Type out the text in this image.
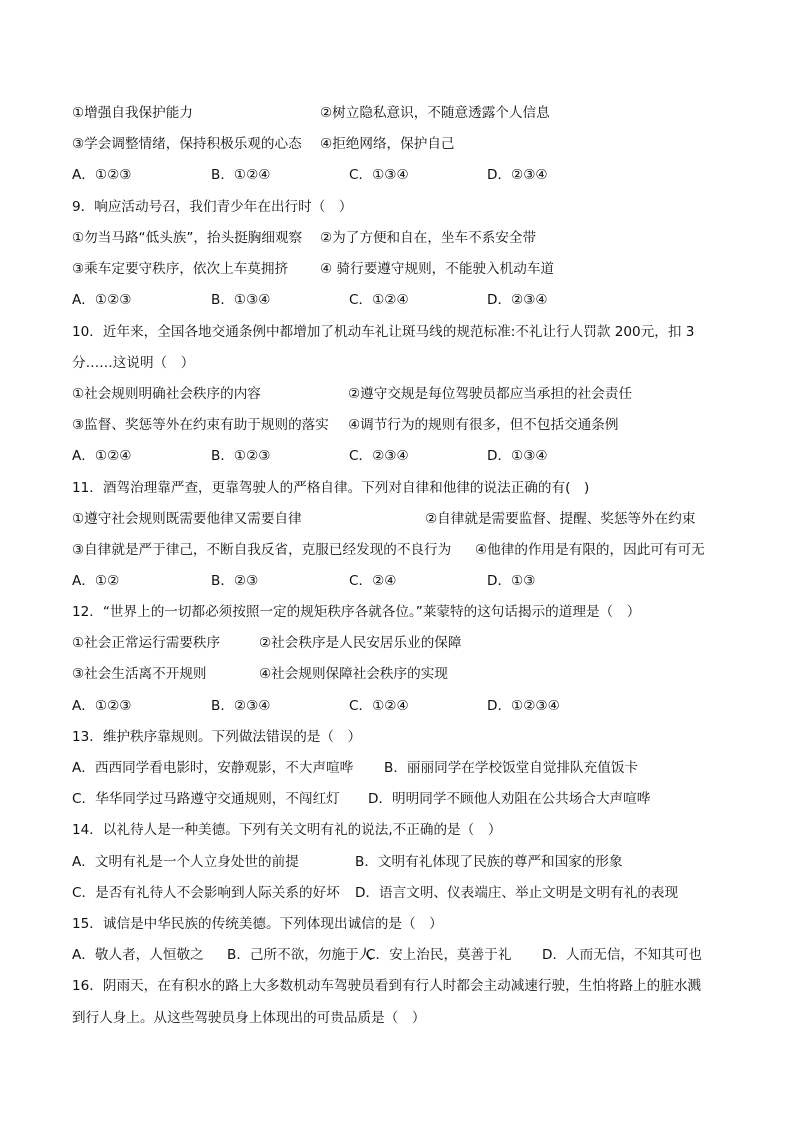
①增强自我保护能力	②树立隐私意识，不随意透露个人信息
③学会调整情绪，保持积极乐观的心态 ④拒绝网络，保护自己
A．①②③	B．①②④	C．①③④	D．②③④
9．响应活动号召，我们青少年在出行时（　）
①勿当马路“低头族”，抬头挺胸细观察 ②为了方便和自在，坐车不系安全带
③乘车定要守秩序，依次上车莫拥挤 ④ 骑行要遵守规则，不能驶入机动车道
A．①②③	B．①③④	C．①②④	D．②③④
10．近年来，全国各地交通条例中都增加了机动车礼让斑马线的规范标准:不礼让行人罚款 200元，扣 3
分……这说明（　）
①社会规则明确社会秩序的内容	②遵守交规是每位驾驶员都应当承担的社会责任
③监督、奖惩等外在约束有助于规则的落实 ④调节行为的规则有很多，但不包括交通条例
A．①②④	B．①②③	C．②③④	D．①③④
11．酒驾治理靠严查，更靠驾驶人的严格自律。下列对自律和他律的说法正确的有(　)
①遵守社会规则既需要他律又需要自律	②自律就是需要监督、提醒、奖惩等外在约束
③自律就是严于律己，不断自我反省，克服已经发现的不良行为 ④他律的作用是有限的，因此可有可无
A．①②	B．②③	C．②④	D．①③
12．“世界上的一切都必须按照一定的规矩秩序各就各位。”莱蒙特的这句话揭示的道理是（　）
①社会正常运行需要秩序	②社会秩序是人民安居乐业的保障
③社会生活离不开规则	④社会规则保障社会秩序的实现
A．①②③	B．②③④	C．①②④	D．①②③④
13．维护秩序靠规则。下列做法错误的是（　）
A．西西同学看电影时，安静观影，不大声喧哗 B．丽丽同学在学校饭堂自觉排队充值饭卡
C．华华同学过马路遵守交通规则，不闯红灯 D．明明同学不顾他人劝阻在公共场合大声喧哗
14．以礼待人是一种美德。下列有关文明有礼的说法,不正确的是（　）
A．文明有礼是一个人立身处世的前提	B．文明有礼体现了民族的尊严和国家的形象
C．是否有礼待人不会影响到人际关系的好坏 D．语言文明、仪表端庄、举止文明是文明有礼的表现
15．诚信是中华民族的传统美德。下列体现出诚信的是（　）
A．敬人者，人恒敬之 B．己所不欲，勿施于人
C．安上治民，莫善于礼 D．人而无信，不知其可也
16．阴雨天，在有积水的路上大多数机动车驾驶员看到有行人时都会主动减速行驶，生怕将路上的脏水溅
到行人身上。从这些驾驶员身上体现出的可贵品质是（　）
